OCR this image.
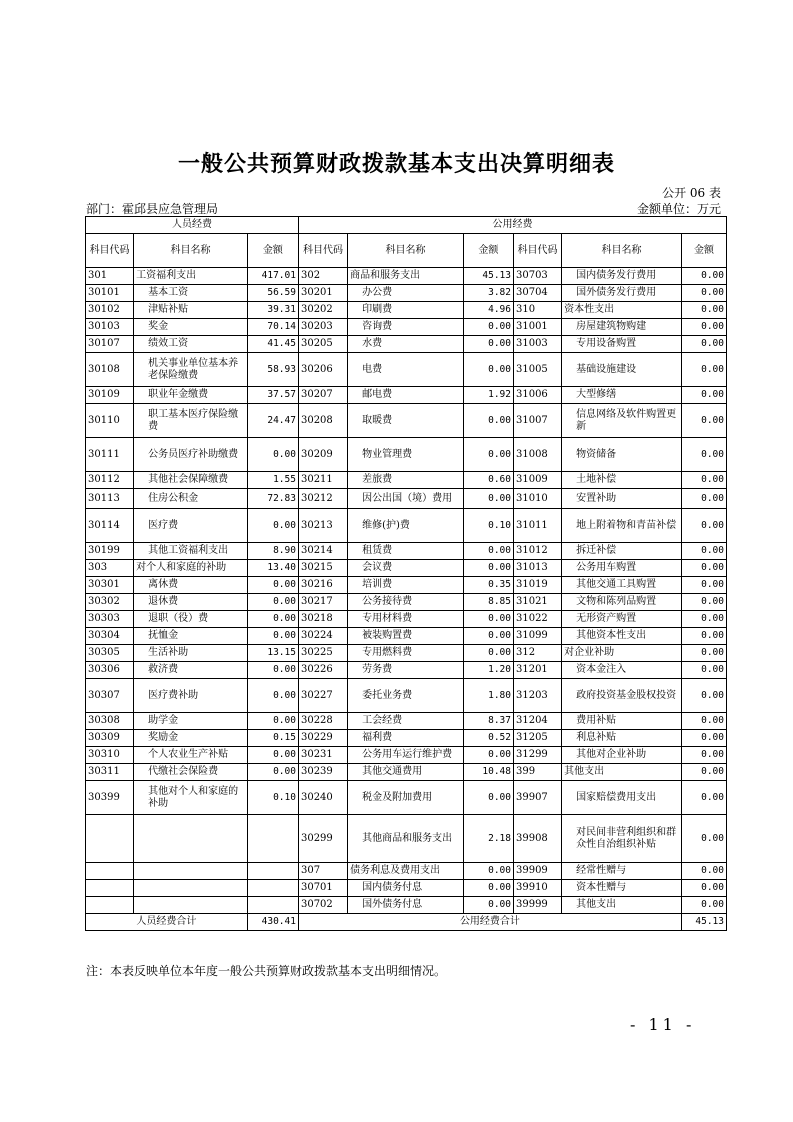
一般公共预算财政拨款基本支出决算明细表
公开 06 表
部门：霍邱县应急管理局	金额单位：万元
人员经费			公用经费					
科目代码	科目名称	金额	科目代码	科目名称	金额	科目代码	科目名称	金额
301	工资福利支出	417.01	302	商品和服务支出	45.13	30703	国内债务发行费用	0.00
30101	基本工资	56.59	30201	办公费	3.82	30704	国外债务发行费用	0.00
30102	津贴补贴	39.31	30202	印刷费	4.96	310	资本性支出	0.00
30103	奖金	70.14	30203	咨询费	0.00	31001	房屋建筑物购建	0.00
30107	绩效工资	41.45	30205	水费	0.00	31003	专用设备购置	0.00
30108	机关事业单位基本养老保险缴费	58.93	30206	电费	0.00	31005	基础设施建设	0.00
30109	职业年金缴费	37.57	30207	邮电费	1.92	31006	大型修缮	0.00
30110	职工基本医疗保险缴费	24.47	30208	取暖费	0.00	31007	信息网络及软件购置更新	0.00
30111	公务员医疗补助缴费	0.00	30209	物业管理费	0.00	31008	物资储备	0.00
30112	其他社会保障缴费	1.55	30211	差旅费	0.60	31009	土地补偿	0.00
30113	住房公积金	72.83	30212	因公出国（境）费用	0.00	31010	安置补助	0.00
30114	医疗费	0.00	30213	维修(护)费	0.10	31011	地上附着物和青苗补偿	0.00
30199	其他工资福利支出	8.90	30214	租赁费	0.00	31012	拆迁补偿	0.00
303	对个人和家庭的补助	13.40	30215	会议费	0.00	31013	公务用车购置	0.00
30301	离休费	0.00	30216	培训费	0.35	31019	其他交通工具购置	0.00
30302	退休费	0.00	30217	公务接待费	8.85	31021	文物和陈列品购置	0.00
30303	退职（役）费	0.00	30218	专用材料费	0.00	31022	无形资产购置	0.00
30304	抚恤金	0.00	30224	被装购置费	0.00	31099	其他资本性支出	0.00
30305	生活补助	13.15	30225	专用燃料费	0.00	312	对企业补助	0.00
30306	救济费	0.00	30226	劳务费	1.20	31201	资本金注入	0.00
30307	医疗费补助	0.00	30227	委托业务费	1.80	31203	政府投资基金股权投资	0.00
30308	助学金	0.00	30228	工会经费	8.37	31204	费用补贴	0.00
30309	奖励金	0.15	30229	福利费	0.52	31205	利息补贴	0.00
30310	个人农业生产补贴	0.00	30231	公务用车运行维护费	0.00	31299	其他对企业补助	0.00
30311	代缴社会保险费	0.00	30239	其他交通费用	10.48	399	其他支出	0.00
30399	其他对个人和家庭的补助	0.10	30240	税金及附加费用	0.00	39907	国家赔偿费用支出	0.00
			30299	其他商品和服务支出	2.18	39908	对民间非营利组织和群众性自治组织补贴	0.00
			307	债务利息及费用支出	0.00	39909	经常性赠与	0.00
			30701	国内债务付息	0.00	39910	资本性赠与	0.00
			30702	国外债务付息	0.00	39999	其他支出	0.00
人员经费合计		430.41	公用经费合计					45.13
注：本表反映单位本年度一般公共预算财政拨款基本支出明细情况。
- 11 -
